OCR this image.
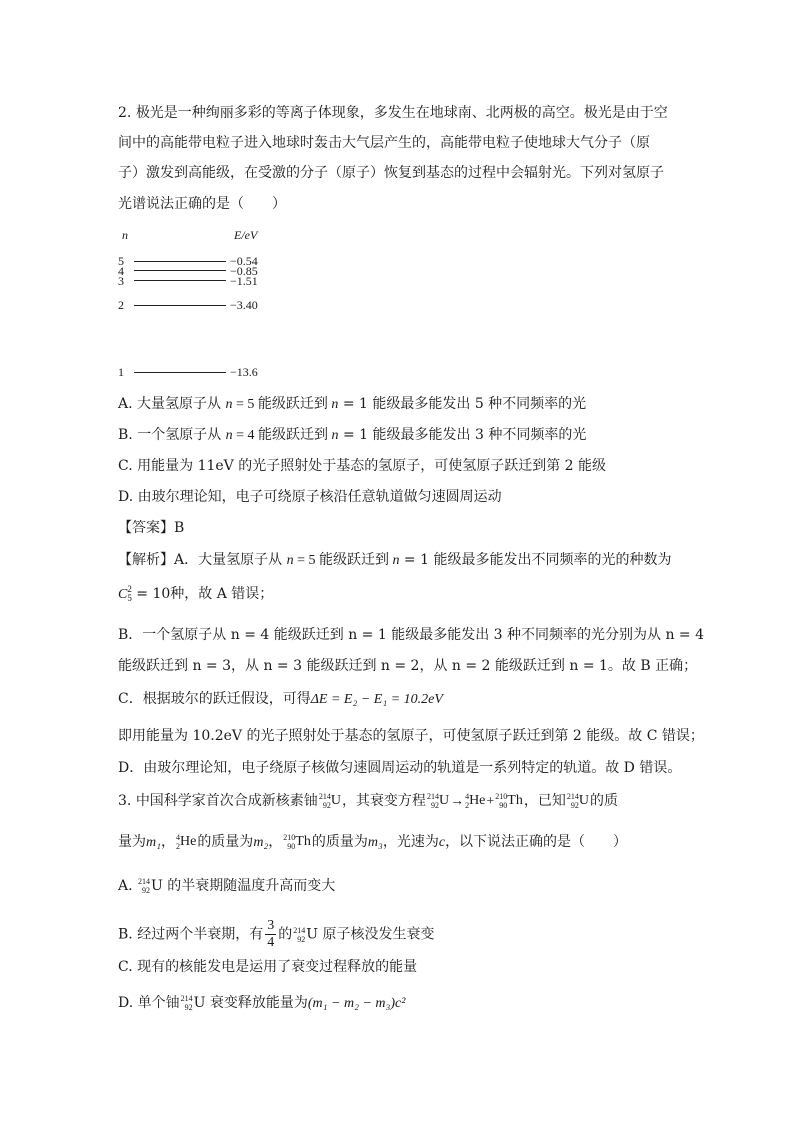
2. 极光是一种绚丽多彩的等离子体现象，多发生在地球南、北两极的高空。极光是由于空
间中的高能带电粒子进入地球时轰击大气层产生的，高能带电粒子使地球大气分子（原
子）激发到高能级，在受激的分子（原子）恢复到基态的过程中会辐射光。下列对氢原子
光谱说法正确的是（　　）
n	E/eV
5	−0.54
4	−0.85
3	−1.51
2	−3.40
1	−13.6
A. 大量氢原子从 n = 5 能级跃迁到 n = 1 能级最多能发出 5 种不同频率的光
B. 一个氢原子从 n = 4 能级跃迁到 n = 1 能级最多能发出 3 种不同频率的光
C. 用能量为 11eV 的光子照射处于基态的氢原子，可使氢原子跃迁到第 2 能级
D. 由玻尔理论知，电子可绕原子核沿任意轨道做匀速圆周运动
【答案】B
【解析】A．大量氢原子从 n = 5 能级跃迁到 n = 1 能级最多能发出不同频率的光的种数为
C 2
5 = 10种，故 A 错误；
B．一个氢原子从 n = 4 能级跃迁到 n = 1 能级最多能发出 3 种不同频率的光分别为从 n = 4
能级跃迁到 n = 3，从 n = 3 能级跃迁到 n = 2，从 n = 2 能级跃迁到 n = 1。故 B 正确；
C．根据玻尔的跃迁假设，可得ΔE = E₂ − E₁ = 10.2eV
即用能量为 10.2eV 的光子照射处于基态的氢原子，可使氢原子跃迁到第 2 能级。故 C 错误；
D．由玻尔理论知，电子绕原子核做匀速圆周运动的轨道是一系列特定的轨道。故 D 错误。
3. 中国科学家首次合成新核素铀 214
92 U，其衰变方程 214
92 U→ 4
2 He+ 210
90 Th，已知 214
92 U的质
量为m₁， 4
2 He的质量为m₂， 210
90 Th的质量为m₃，光速为c，以下说法正确的是（　　）
A. 214
92 U 的半衰期随温度升高而变大
B. 经过两个半衰期，有 $\frac{3}{4}$ 的 214
92 U 原子核没发生衰变
C. 现有的核能发电是运用了衰变过程释放的能量
D. 单个铀 214
92 U 衰变释放能量为(m₁ − m₂ − m₃)c²
